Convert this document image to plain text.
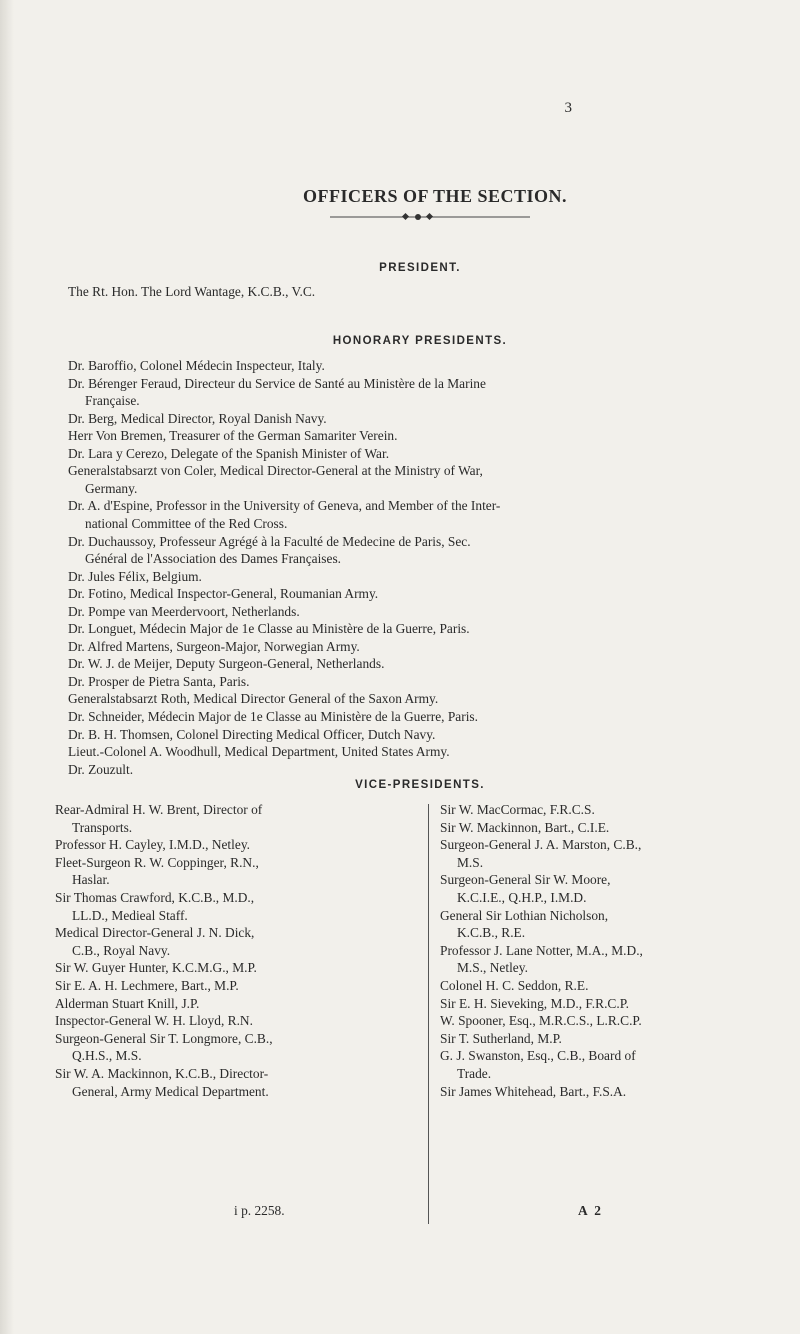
3
OFFICERS OF THE SECTION.
PRESIDENT.
The Rt. Hon. The Lord Wantage, K.C.B., V.C.
HONORARY PRESIDENTS.
Dr. Baroffio, Colonel Médecin Inspecteur, Italy.
Dr. Bérenger Feraud, Directeur du Service de Santé au Ministère de la Marine
Française.
Dr. Berg, Medical Director, Royal Danish Navy.
Herr Von Bremen, Treasurer of the German Samariter Verein.
Dr. Lara y Cerezo, Delegate of the Spanish Minister of War.
Generalstabsarzt von Coler, Medical Director-General at the Ministry of War,
Germany.
Dr. A. d'Espine, Professor in the University of Geneva, and Member of the Inter-
national Committee of the Red Cross.
Dr. Duchaussoy, Professeur Agrégé à la Faculté de Medecine de Paris, Sec.
Général de l'Association des Dames Françaises.
Dr. Jules Félix, Belgium.
Dr. Fotino, Medical Inspector-General, Roumanian Army.
Dr. Pompe van Meerdervoort, Netherlands.
Dr. Longuet, Médecin Major de 1e Classe au Ministère de la Guerre, Paris.
Dr. Alfred Martens, Surgeon-Major, Norwegian Army.
Dr. W. J. de Meijer, Deputy Surgeon-General, Netherlands.
Dr. Prosper de Pietra Santa, Paris.
Generalstabsarzt Roth, Medical Director General of the Saxon Army.
Dr. Schneider, Médecin Major de 1e Classe au Ministère de la Guerre, Paris.
Dr. B. H. Thomsen, Colonel Directing Medical Officer, Dutch Navy.
Lieut.-Colonel A. Woodhull, Medical Department, United States Army.
Dr. Zouzult.
VICE-PRESIDENTS.
Rear-Admiral H. W. Brent, Director of
Transports.
Professor H. Cayley, I.M.D., Netley.
Fleet-Surgeon R. W. Coppinger, R.N.,
Haslar.
Sir Thomas Crawford, K.C.B., M.D.,
LL.D., Medieal Staff.
Medical Director-General J. N. Dick,
C.B., Royal Navy.
Sir W. Guyer Hunter, K.C.M.G., M.P.
Sir E. A. H. Lechmere, Bart., M.P.
Alderman Stuart Knill, J.P.
Inspector-General W. H. Lloyd, R.N.
Surgeon-General Sir T. Longmore, C.B.,
Q.H.S., M.S.
Sir W. A. Mackinnon, K.C.B., Director-
General, Army Medical Department.
Sir W. MacCormac, F.R.C.S.
Sir W. Mackinnon, Bart., C.I.E.
Surgeon-General J. A. Marston, C.B.,
M.S.
Surgeon-General Sir W. Moore,
K.C.I.E., Q.H.P., I.M.D.
General Sir Lothian Nicholson,
K.C.B., R.E.
Professor J. Lane Notter, M.A., M.D.,
M.S., Netley.
Colonel H. C. Seddon, R.E.
Sir E. H. Sieveking, M.D., F.R.C.P.
W. Spooner, Esq., M.R.C.S., L.R.C.P.
Sir T. Sutherland, M.P.
G. J. Swanston, Esq., C.B., Board of
Trade.
Sir James Whitehead, Bart., F.S.A.
i p. 2258.	A 2
